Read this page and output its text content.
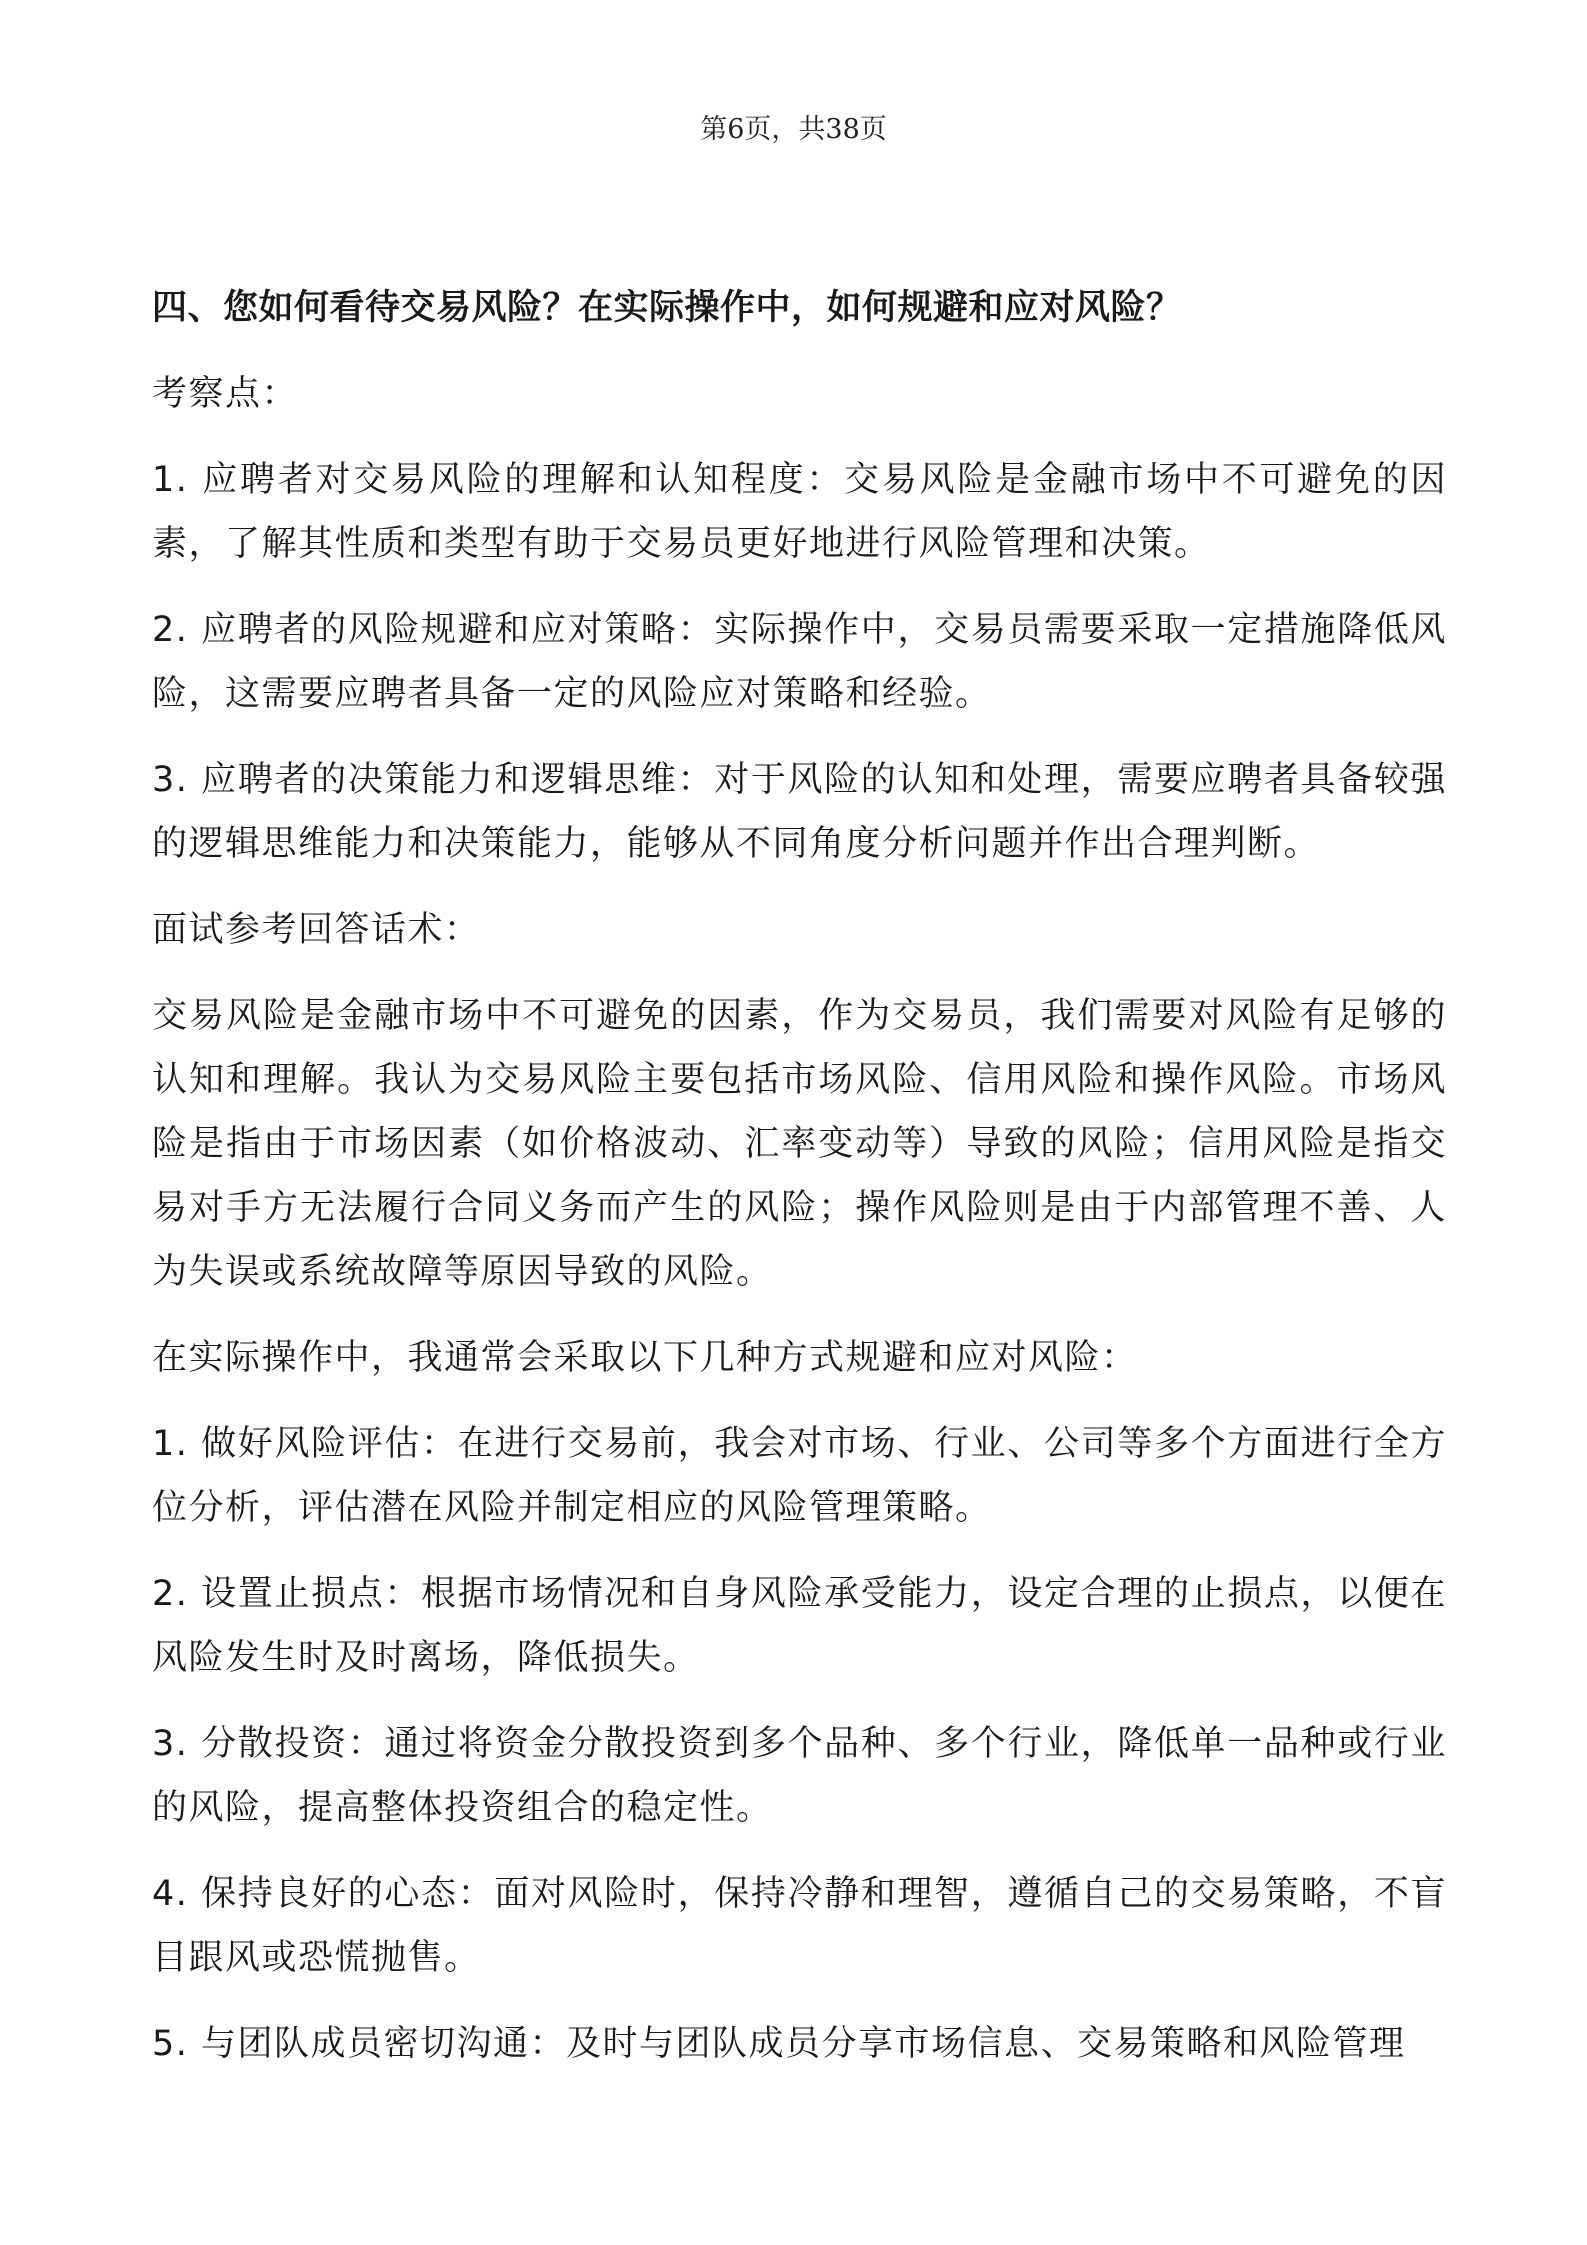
第6页，共38页
四、您如何看待交易风险？在实际操作中，如何规避和应对风险？
考察点：
1. 应聘者对交易风险的理解和认知程度：交易风险是金融市场中不可避免的因素，了解其性质和类型有助于交易员更好地进行风险管理和决策。
2. 应聘者的风险规避和应对策略：实际操作中，交易员需要采取一定措施降低风险，这需要应聘者具备一定的风险应对策略和经验。
3. 应聘者的决策能力和逻辑思维：对于风险的认知和处理，需要应聘者具备较强的逻辑思维能力和决策能力，能够从不同角度分析问题并作出合理判断。
面试参考回答话术：
交易风险是金融市场中不可避免的因素，作为交易员，我们需要对风险有足够的认知和理解。我认为交易风险主要包括市场风险、信用风险和操作风险。市场风险是指由于市场因素（如价格波动、汇率变动等）导致的风险；信用风险是指交易对手方无法履行合同义务而产生的风险；操作风险则是由于内部管理不善、人为失误或系统故障等原因导致的风险。
在实际操作中，我通常会采取以下几种方式规避和应对风险：
1. 做好风险评估：在进行交易前，我会对市场、行业、公司等多个方面进行全方位分析，评估潜在风险并制定相应的风险管理策略。
2. 设置止损点：根据市场情况和自身风险承受能力，设定合理的止损点，以便在风险发生时及时离场，降低损失。
3. 分散投资：通过将资金分散投资到多个品种、多个行业，降低单一品种或行业的风险，提高整体投资组合的稳定性。
4. 保持良好的心态：面对风险时，保持冷静和理智，遵循自己的交易策略，不盲目跟风或恐慌抛售。
5. 与团队成员密切沟通：及时与团队成员分享市场信息、交易策略和风险管理
